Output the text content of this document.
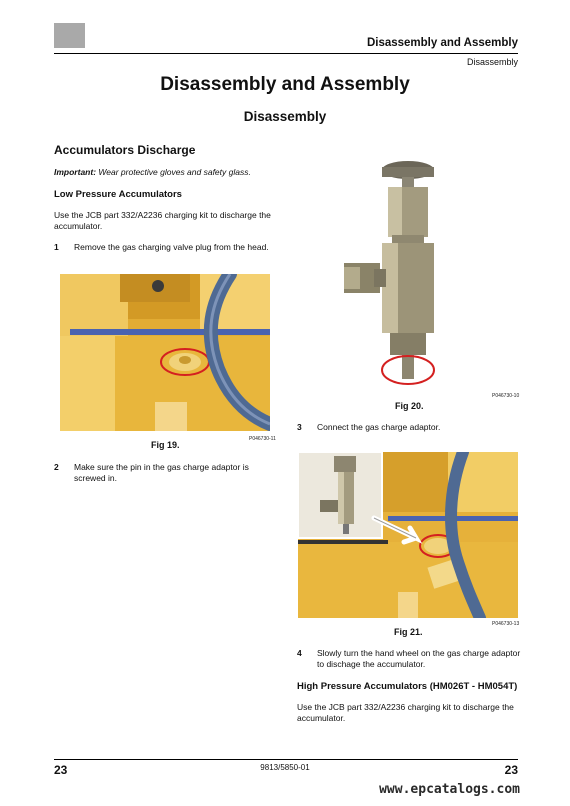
Disassembly and Assembly
Disassembly
Disassembly and Assembly
Disassembly
Accumulators Discharge
Important: Wear protective gloves and safety glass.
Low Pressure Accumulators
Use the JCB part 332/A2236 charging kit to discharge the accumulator.
1 Remove the gas charging valve plug from the head.
P046730-11
Fig 19.
2 Make sure the pin in the gas charge adaptor is screwed in.
P046730-10
Fig 20.
3 Connect the gas charge adaptor.
P046730-13
Fig 21.
4 Slowly turn the hand wheel on the gas charge adaptor to dischage the accumulator.
High Pressure Accumulators (HM026T - HM054T)
Use the JCB part 332/A2236 charging kit to discharge the accumulator.
23	9813/5850-01	23
www.epcatalogs.com
